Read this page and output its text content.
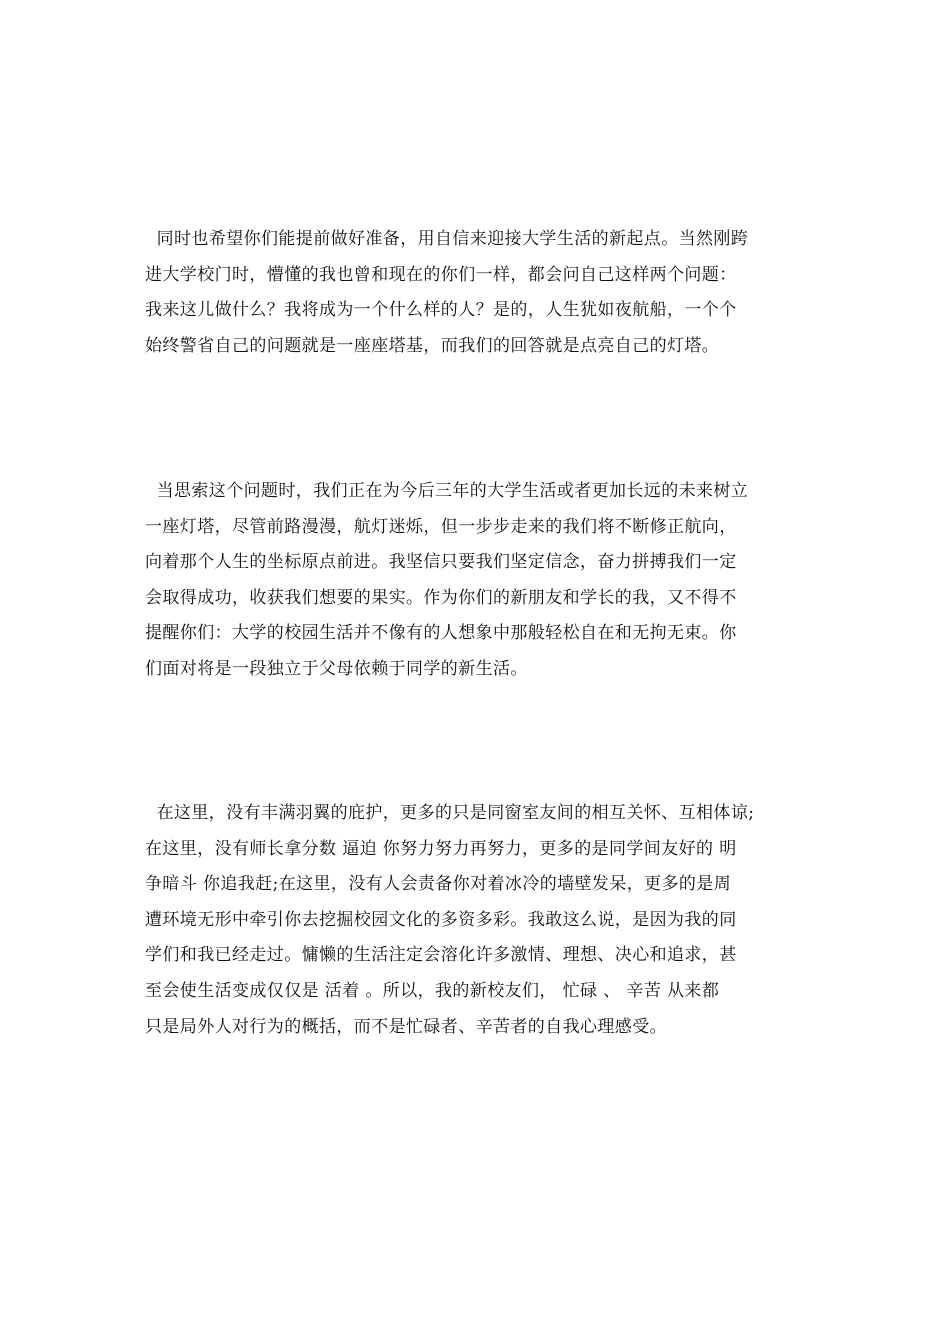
同时也希望你们能提前做好准备，用自信来迎接大学生活的新起点。当然刚跨
进大学校门时，懵懂的我也曾和现在的你们一样，都会问自己这样两个问题：
我来这儿做什么？我将成为一个什么样的人？是的，人生犹如夜航船，一个个
始终警省自己的问题就是一座座塔基，而我们的回答就是点亮自己的灯塔。
当思索这个问题时，我们正在为今后三年的大学生活或者更加长远的未来树立
一座灯塔，尽管前路漫漫，航灯迷烁，但一步步走来的我们将不断修正航向，
向着那个人生的坐标原点前进。我坚信只要我们坚定信念，奋力拼搏我们一定
会取得成功，收获我们想要的果实。作为你们的新朋友和学长的我，又不得不
提醒你们：大学的校园生活并不像有的人想象中那般轻松自在和无拘无束。你
们面对将是一段独立于父母依赖于同学的新生活。
在这里，没有丰满羽翼的庇护，更多的只是同窗室友间的相互关怀、互相体谅;
在这里，没有师长拿分数 逼迫 你努力努力再努力，更多的是同学间友好的 明
争暗斗 你追我赶;在这里，没有人会责备你对着冰冷的墙壁发呆，更多的是周
遭环境无形中牵引你去挖掘校园文化的多资多彩。我敢这么说，是因为我的同
学们和我已经走过。慵懒的生活注定会溶化许多激情、理想、决心和追求，甚
至会使生活变成仅仅是 活着 。所以，我的新校友们， 忙碌 、 辛苦 从来都
只是局外人对行为的概括，而不是忙碌者、辛苦者的自我心理感受。
